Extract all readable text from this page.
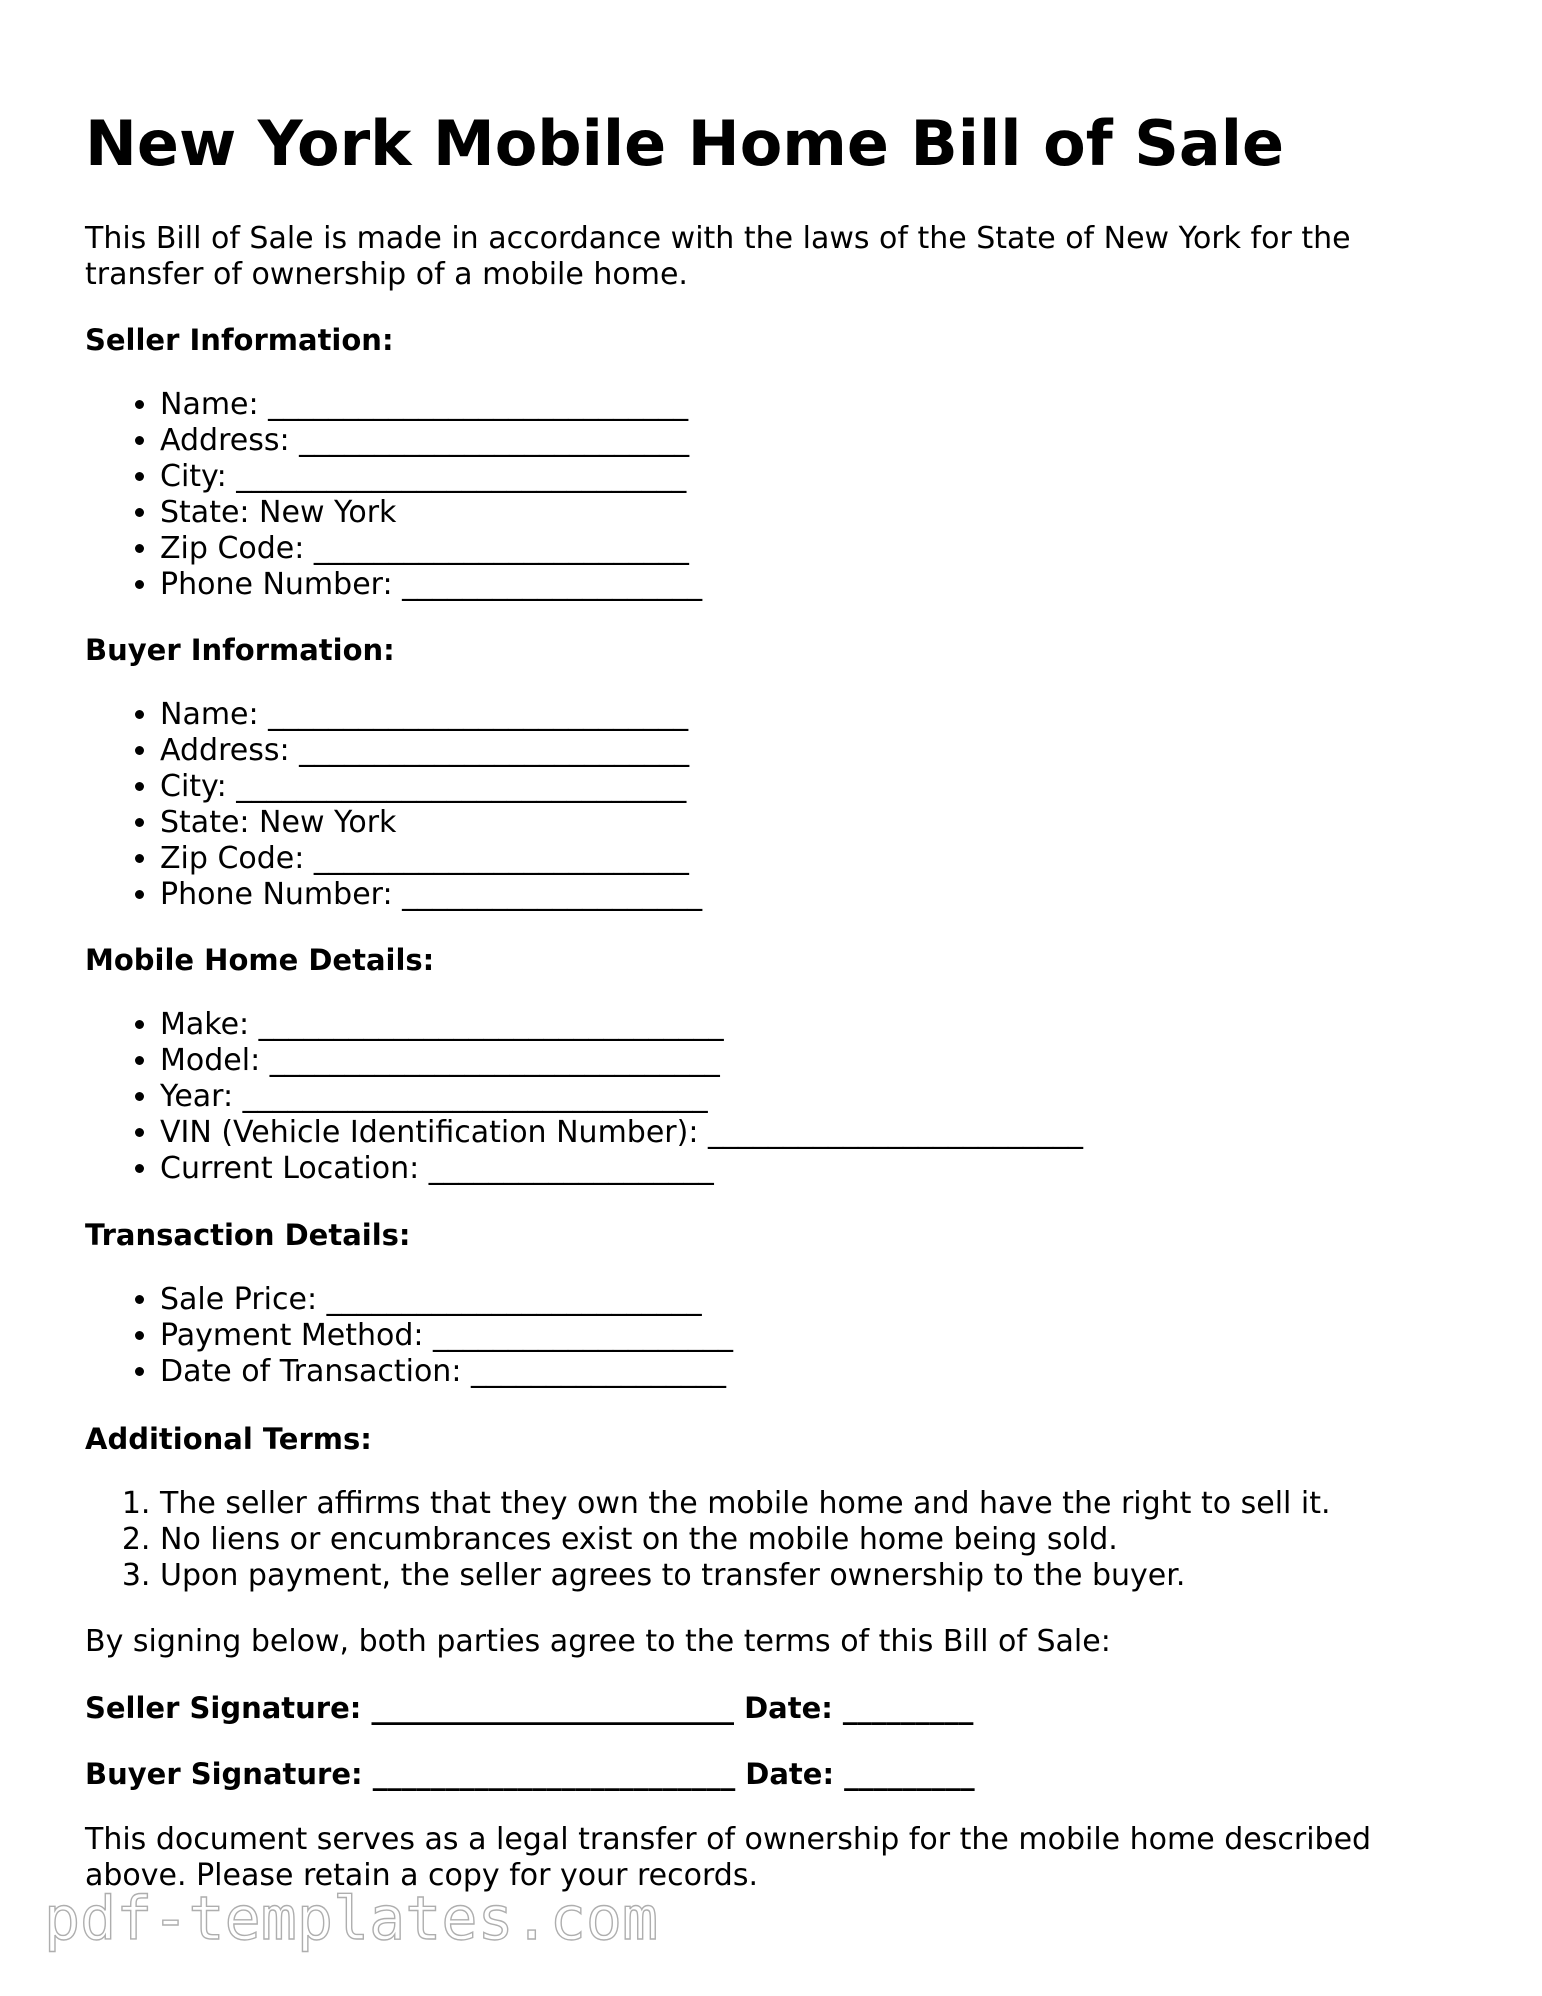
New York Mobile Home Bill of Sale

This Bill of Sale is made in accordance with the laws of the State of New York for the transfer of ownership of a mobile home.

Seller Information:

• Name: ____________________________
• Address: __________________________
• City: ______________________________
• State: New York
• Zip Code: _________________________
• Phone Number: ____________________

Buyer Information:

• Name: ____________________________
• Address: __________________________
• City: ______________________________
• State: New York
• Zip Code: _________________________
• Phone Number: ____________________

Mobile Home Details:

• Make: _______________________________
• Model: ______________________________
• Year: _______________________________
• VIN (Vehicle Identification Number): _________________________
• Current Location: ___________________

Transaction Details:

• Sale Price: _________________________
• Payment Method: ____________________
• Date of Transaction: _________________

Additional Terms:

1. The seller affirms that they own the mobile home and have the right to sell it.
2. No liens or encumbrances exist on the mobile home being sold.
3. Upon payment, the seller agrees to transfer ownership to the buyer.

By signing below, both parties agree to the terms of this Bill of Sale:

Seller Signature: _________________________ Date: _________

Buyer Signature: _________________________ Date: _________

This document serves as a legal transfer of ownership for the mobile home described above. Please retain a copy for your records.

pdf-templates.com
